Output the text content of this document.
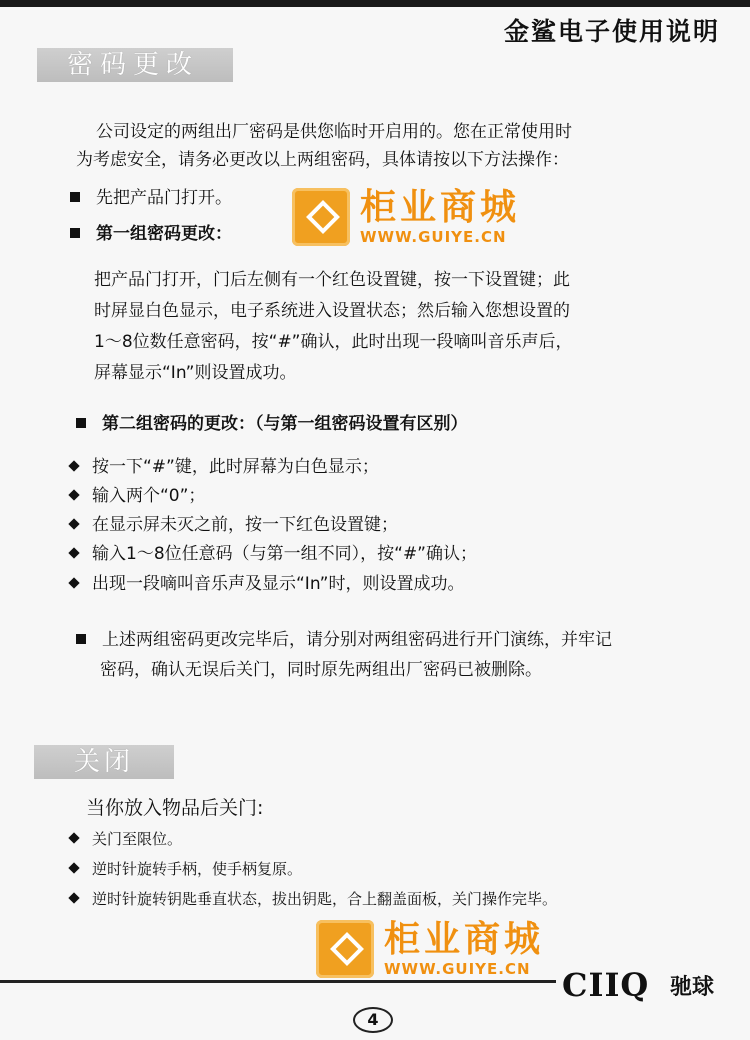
金鲨电子使用说明
密码更改
公司设定的两组出厂密码是供您临时开启用的。您在正常使用时
为考虑安全，请务必更改以上两组密码，具体请按以下方法操作：
先把产品门打开。
第一组密码更改：
把产品门打开，门后左侧有一个红色设置键，按一下设置键；此
时屏显白色显示，电子系统进入设置状态；然后输入您想设置的
1～8位数任意密码，按“#”确认，此时出现一段嘀叫音乐声后，
屏幕显示“In”则设置成功。
第二组密码的更改：（与第一组密码设置有区别）
按一下“#”键，此时屏幕为白色显示；
输入两个“0”；
在显示屏未灭之前，按一下红色设置键；
输入1～8位任意码（与第一组不同），按“#”确认；
出现一段嘀叫音乐声及显示“In”时，则设置成功。
上述两组密码更改完毕后，请分别对两组密码进行开门演练，并牢记
密码，确认无误后关门，同时原先两组出厂密码已被删除。
关闭
当你放入物品后关门:
关门至限位。
逆时针旋转手柄，使手柄复原。
逆时针旋转钥匙垂直状态，拔出钥匙，合上翻盖面板，关门操作完毕。
柜业商城
WWW.GUIYE.CN
柜业商城
WWW.GUIYE.CN CIIQ 驰球
4
